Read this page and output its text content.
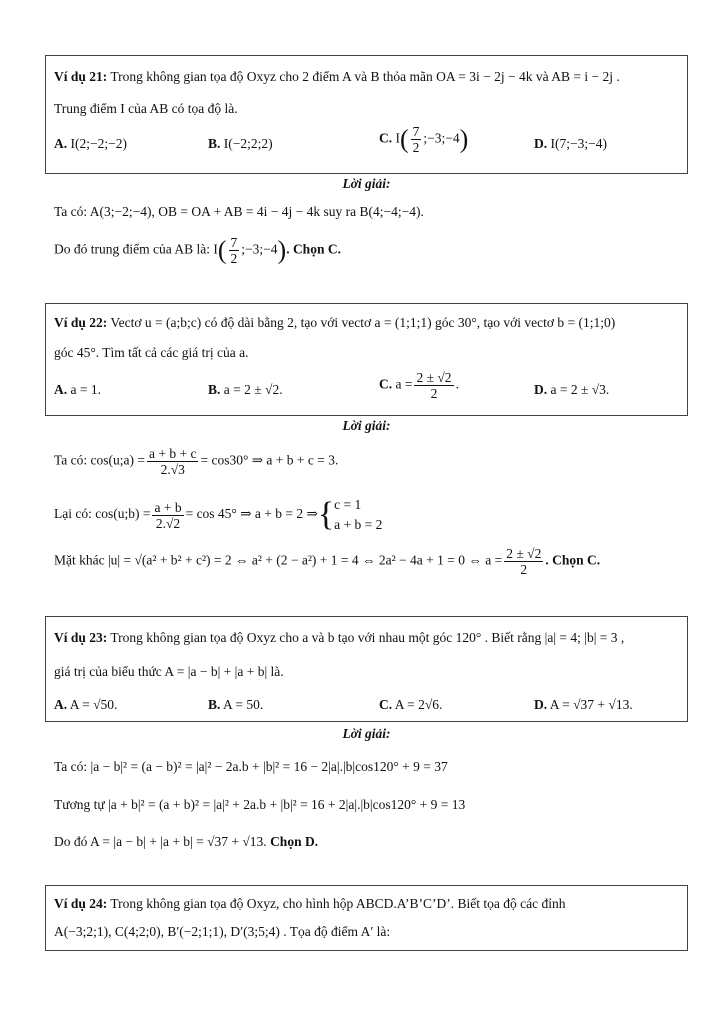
Ví dụ 21: Trong không gian tọa độ Oxyz cho 2 điểm A và B thỏa mãn OA = 3i − 2j − 4k và AB = i − 2j .
Trung điểm I của AB có tọa độ là.
A. I(2;−2;−2)	B. I(−2;2;2)	C. $I( \frac{7}{2}$ ;−3;−4)	D. I(7;−3;−4)
Lời giải:
Ta có: A(3;−2;−4), OB = OA + AB = 4i − 4j − 4k suy ra B(4;−4;−4).
Do đó trung điểm của AB là: $I( \frac{7}{2}$ ;−3;−4). Chọn C.
Ví dụ 22: Vectơ u = (a;b;c) có độ dài bằng 2, tạo với vectơ a = (1;1;1) góc 30°, tạo với vectơ b = (1;1;0)
góc 45°. Tìm tất cả các giá trị của a.
A. a = 1.	B. a = 2 ± √2.	C. $a = \frac{2 \pm √2}{2}$ .	D. a = 2 ± √3.
Lời giải:
Ta có: cos(u;a) = $\frac{a + b + c}{2.√3} = \cos 30^\circ$ ⇒ a + b + c = 3.
Lại có: cos(u;b) = $\frac{a + b}{2.√2} = \cos 45^\circ$ ⇒ a + b = 2 ⇒{ c = 1
a + b = 2
Mặt khác |u| = √(a² + b² + c²) = 2 ⇔ a² + (2 − a²) + 1 = 4 ⇔ 2a² − 4a + 1 = 0 ⇔ $a = \frac{2 \pm √2}{2}$ . Chọn C.
Ví dụ 23: Trong không gian tọa độ Oxyz cho a và b tạo với nhau một góc 120° . Biết rằng |a| = 4; |b| = 3 ,
giá trị của biểu thức A = |a − b| + |a + b| là.
A. A = √50.	B. A = 50.	C. A = 2√6.	D. A = √37 + √13.
Lời giải:
Ta có: |a − b|² = (a − b)² = |a|² − 2a.b + |b|² = 16 − 2|a|.|b|cos120° + 9 = 37
Tương tự |a + b|² = (a + b)² = |a|² + 2a.b + |b|² = 16 + 2|a|.|b|cos120° + 9 = 13
Do đó A = |a − b| + |a + b| = √37 + √13. Chọn D.
Ví dụ 24: Trong không gian tọa độ Oxyz, cho hình hộp ABCD.A’B’C’D’. Biết tọa độ các đỉnh
A(−3;2;1), C(4;2;0), B′(−2;1;1), D′(3;5;4) . Tọa độ điểm A′ là:
